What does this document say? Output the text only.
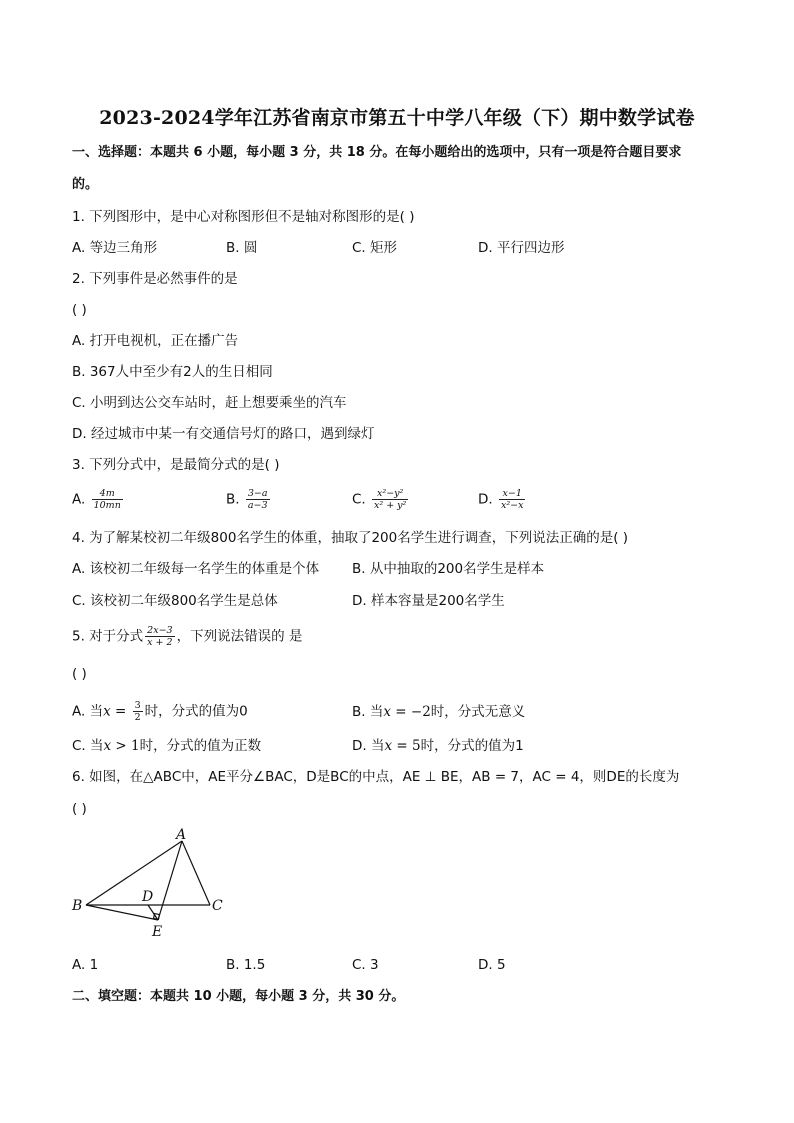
2023-2024学年江苏省南京市第五十中学八年级（下）期中数学试卷
一、选择题：本题共 6 小题，每小题 3 分，共 18 分。在每小题给出的选项中，只有一项是符合题目要求
的。
1. 下列图形中，是中心对称图形但不是轴对称图形的是( )
A. 等边三角形	B. 圆	C. 矩形	D. 平行四边形
2. 下列事件是必然事件的是
( )
A. 打开电视机，正在播广告
B. 367人中至少有2人的生日相同
C. 小明到达公交车站时，赶上想要乘坐的汽车
D. 经过城市中某一有交通信号灯的路口，遇到绿灯
3. 下列分式中，是最简分式的是( )
A. $\frac{4m}{10mn}$	B. $\frac{3-a}{a-3}$	C. $\frac{\text{x²−y²}}{\text{x² + y²}}$	D. $\frac{x-1}{\text{x²−x}}$
4. 为了解某校初二年级800名学生的体重，抽取了200名学生进行调查，下列说法正确的是( )
A. 该校初二年级每一名学生的体重是个体 B. 从中抽取的200名学生是样本
C. 该校初二年级800名学生是总体	D. 样本容量是200名学生
5. 对于分式 $\frac{2x-3}{x + 2}$ ，下列说法错误的 是
( )
A. 当$x = \frac{3}{2}$ 时，分式的值为0	B. 当x = −2时，分式无意义
C. 当x > 1时，分式的值为正数	D. 当x = 5时，分式的值为1
6. 如图，在△ABC中，AE平分∠BAC，D是BC的中点，AE ⊥ BE，AB = 7，AC = 4，则DE的长度为
( )
A
B	C
D
E
A. 1	B. 1.5	C. 3	D. 5
二、填空题：本题共 10 小题，每小题 3 分，共 30 分。
